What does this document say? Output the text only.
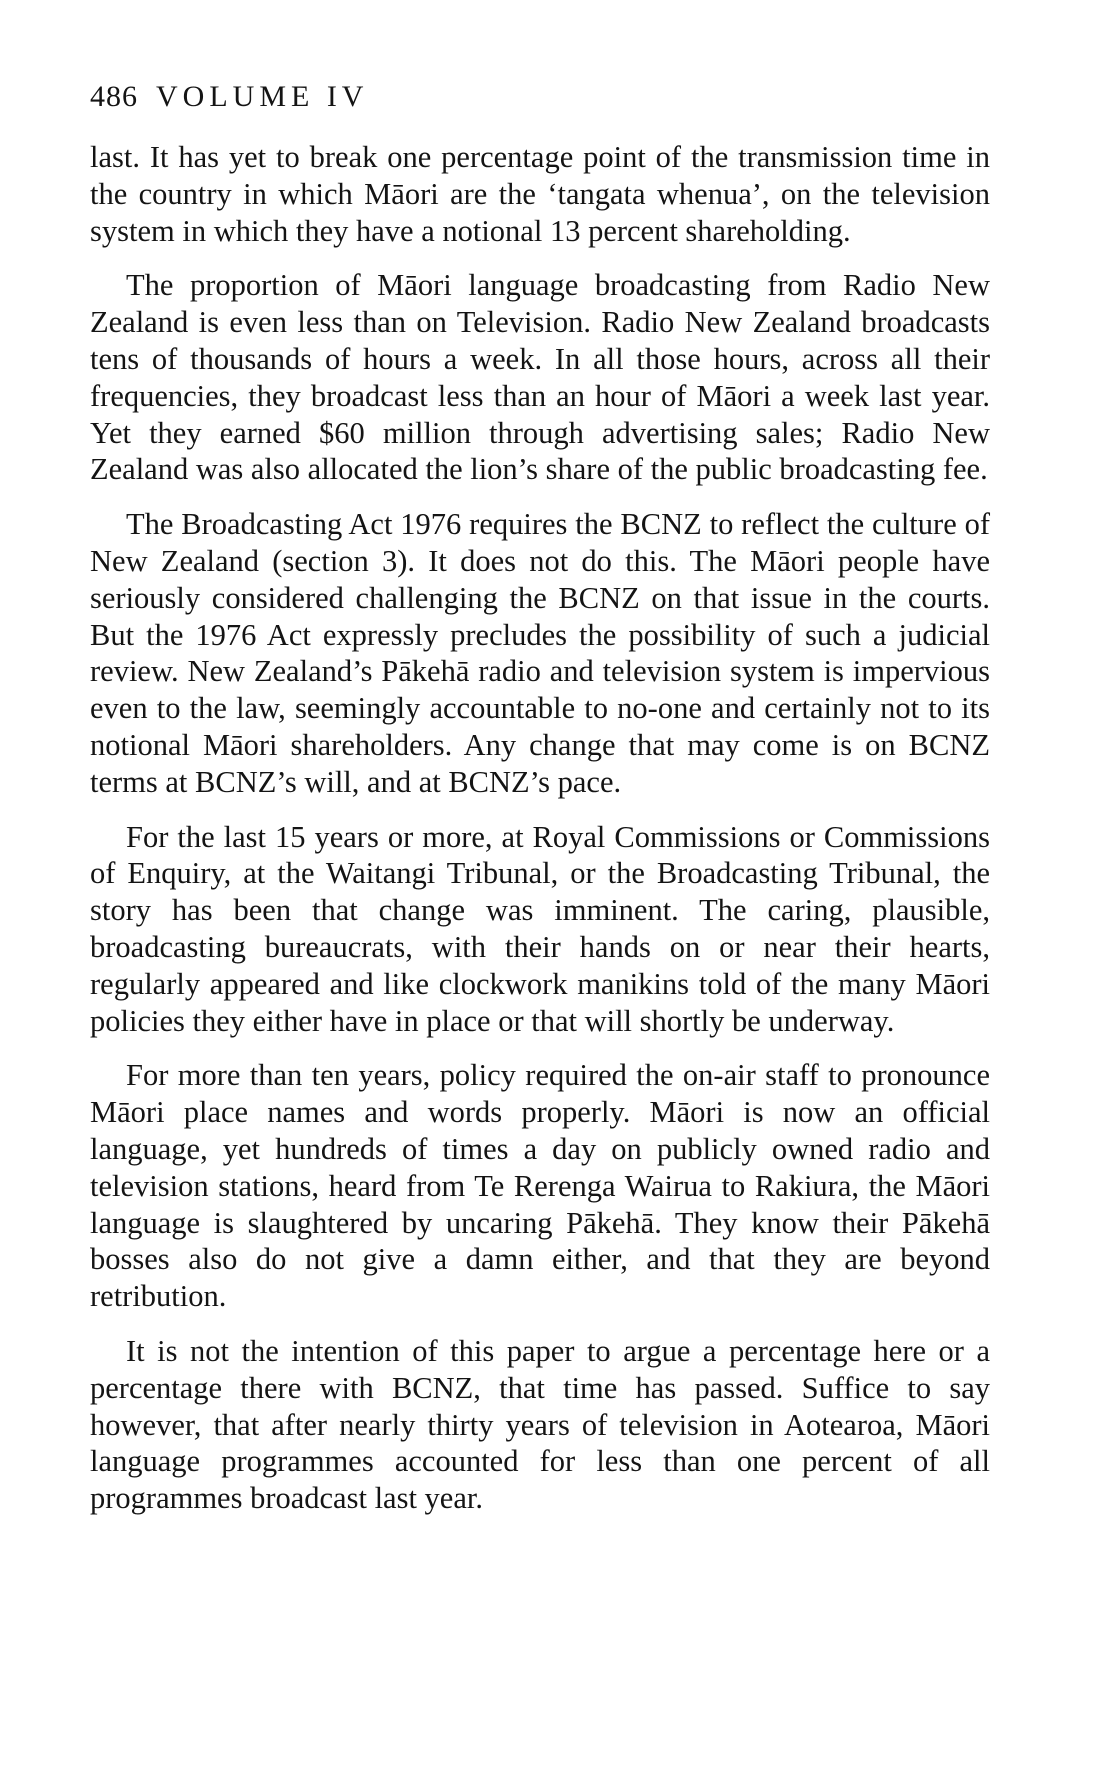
486 VOLUME IV

last. It has yet to break one percentage point of the transmission time in the country in which Māori are the ‘tangata whenua’, on the television system in which they have a notional 13 percent shareholding.

The proportion of Māori language broadcasting from Radio New Zealand is even less than on Television. Radio New Zealand broadcasts tens of thousands of hours a week. In all those hours, across all their frequencies, they broadcast less than an hour of Māori a week last year. Yet they earned $60 million through advertising sales; Radio New Zealand was also allocated the lion’s share of the public broadcasting fee.

The Broadcasting Act 1976 requires the BCNZ to reflect the culture of New Zealand (section 3). It does not do this. The Māori people have seriously considered challenging the BCNZ on that issue in the courts. But the 1976 Act expressly precludes the possibility of such a judicial review. New Zealand’s Pākehā radio and television system is impervious even to the law, seemingly accountable to no-one and certainly not to its notional Māori shareholders. Any change that may come is on BCNZ terms at BCNZ’s will, and at BCNZ’s pace.

For the last 15 years or more, at Royal Commissions or Commissions of Enquiry, at the Waitangi Tribunal, or the Broadcasting Tribunal, the story has been that change was imminent. The caring, plausible, broadcasting bureaucrats, with their hands on or near their hearts, regularly appeared and like clockwork manikins told of the many Māori policies they either have in place or that will shortly be underway.

For more than ten years, policy required the on-air staff to pronounce Māori place names and words properly. Māori is now an official language, yet hundreds of times a day on publicly owned radio and television stations, heard from Te Rerenga Wairua to Rakiura, the Māori language is slaughtered by uncaring Pākehā. They know their Pākehā bosses also do not give a damn either, and that they are beyond retribution.

It is not the intention of this paper to argue a percentage here or a percentage there with BCNZ, that time has passed. Suffice to say however, that after nearly thirty years of television in Aotearoa, Māori language programmes accounted for less than one percent of all programmes broadcast last year.
